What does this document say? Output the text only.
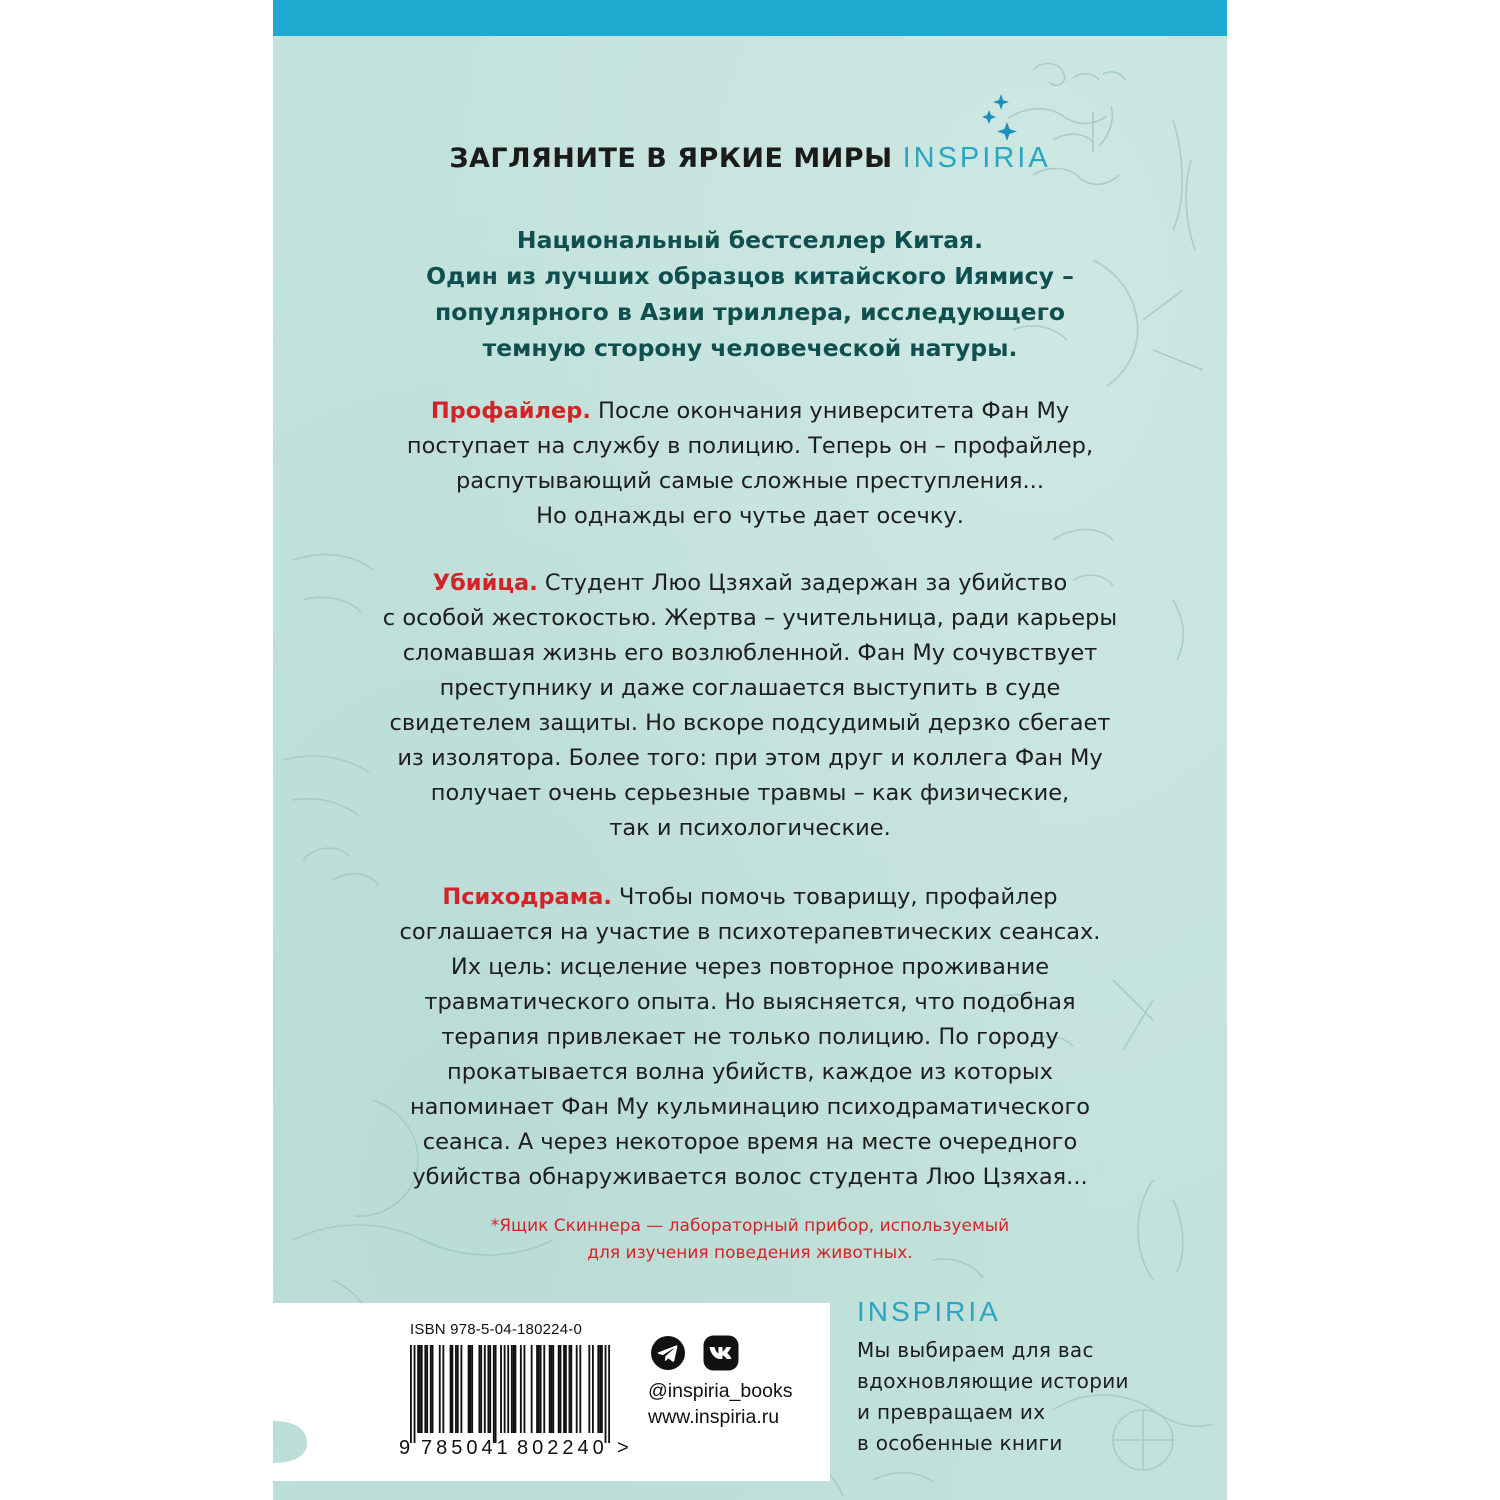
ЗАГЛЯНИТЕ В ЯРКИЕ МИРЫ INSPIRIA
Национальный бестселлер Китая.
Один из лучших образцов китайского Иямису –
популярного в Азии триллера, исследующего
темную сторону человеческой натуры.
Профайлер. После окончания университета Фан Му
поступает на службу в полицию. Теперь он – профайлер,
распутывающий самые сложные преступления...
Но однажды его чутье дает осечку.
Убийца. Студент Люо Цзяхай задержан за убийство
с особой жестокостью. Жертва – учительница, ради карьеры
сломавшая жизнь его возлюбленной. Фан Му сочувствует
преступнику и даже соглашается выступить в суде
свидетелем защиты. Но вскоре подсудимый дерзко сбегает
из изолятора. Более того: при этом друг и коллега Фан Му
получает очень серьезные травмы – как физические,
так и психологические.
Психодрама. Чтобы помочь товарищу, профайлер
соглашается на участие в психотерапевтических сеансах.
Их цель: исцеление через повторное проживание
травматического опыта. Но выясняется, что подобная
терапия привлекает не только полицию. По городу
прокатывается волна убийств, каждое из которых
напоминает Фан Му кульминацию психодраматического
сеанса. А через некоторое время на месте очередного
убийства обнаруживается волос студента Люо Цзяхая...
*Ящик Скиннера — лабораторный прибор, используемый
для изучения поведения животных.
ISBN 978-5-04-180224-0
9 785041 802240 >
@inspiria_books
www.inspiria.ru
INSPIRIA
Мы выбираем для вас
вдохновляющие истории
и превращаем их
в особенные книги
